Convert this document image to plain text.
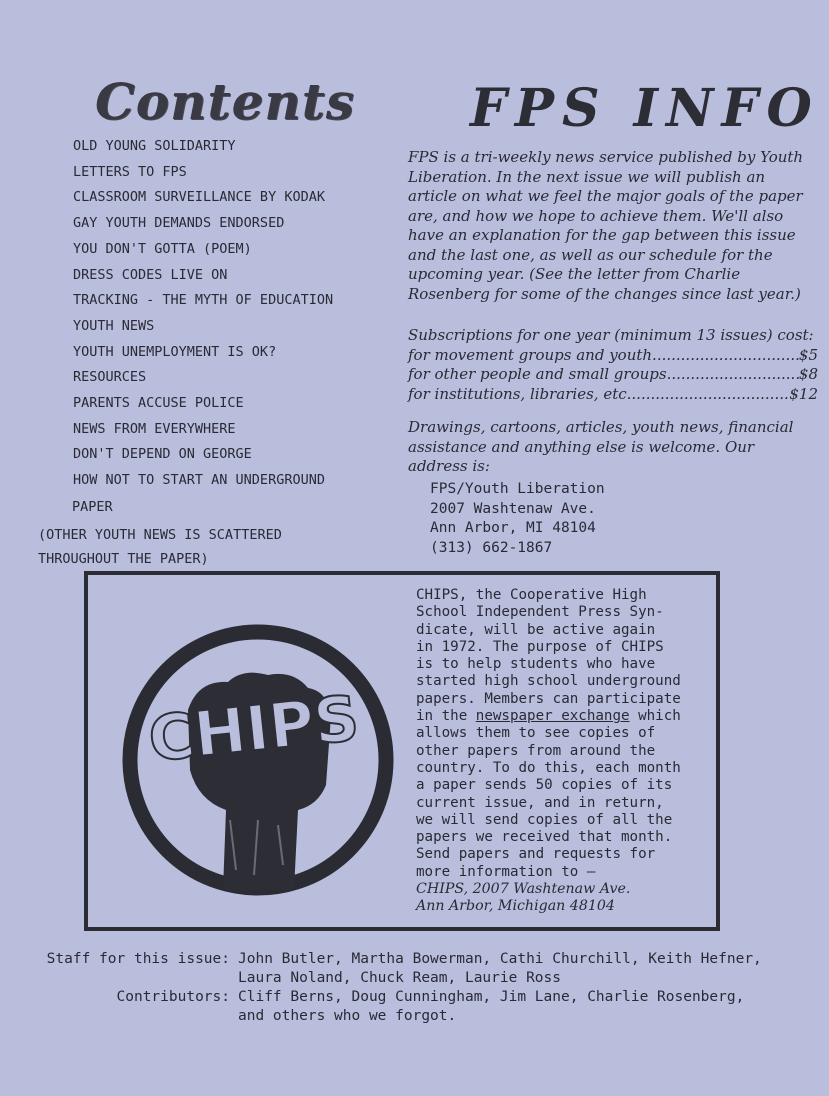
Contents FPS INFO
OLD YOUNG SOLIDARITY
LETTERS TO FPS
CLASSROOM SURVEILLANCE BY KODAK
GAY YOUTH DEMANDS ENDORSED
YOU DON'T GOTTA (POEM)
DRESS CODES LIVE ON
TRACKING - THE MYTH OF EDUCATION
YOUTH NEWS
YOUTH UNEMPLOYMENT IS OK?
RESOURCES
PARENTS ACCUSE POLICE
NEWS FROM EVERYWHERE
DON'T DEPEND ON GEORGE
HOW NOT TO START AN UNDERGROUND
PAPER
(OTHER YOUTH NEWS IS SCATTERED
THROUGHOUT THE PAPER)

FPS is a tri-weekly news service published by Youth Liberation. In the next issue we will publish an article on what we feel the major goals of the paper are, and how we hope to achieve them. We'll also have an explanation for the gap between this issue and the last one, as well as our schedule for the upcoming year. (See the letter from Charlie Rosenberg for some of the changes since last year.)

Subscriptions for one year (minimum 13 issues) cost:

for movement groups and youth .....	$5
for other people and small groups .....	$8
for institutions, libraries, etc .....	$12

Drawings, cartoons, articles, youth news, financial assistance and anything else is welcome. Our address is:

FPS/Youth Liberation
2007 Washtenaw Ave.
Ann Arbor, MI 48104
(313) 662-1867
CHIPS
CHIPS, the Cooperative High
School Independent Press Syn-
dicate, will be active again
in 1972. The purpose of CHIPS
is to help students who have
started high school underground
papers. Members can participate
in the newspaper exchange which
allows them to see copies of
other papers from around the
country. To do this, each month
a paper sends 50 copies of its
current issue, and in return,
we will send copies of all the
papers we received that month.
Send papers and requests for
more information to —
CHIPS, 2007 Washtenaw Ave.
Ann Arbor, Michigan 48104
Staff for this issue: John Butler, Martha Bowerman, Cathi Churchill, Keith Hefner, Laura Noland, Chuck Ream, Laurie Ross
Contributors: Cliff Berns, Doug Cunningham, Jim Lane, Charlie Rosenberg, and others who we forgot.
